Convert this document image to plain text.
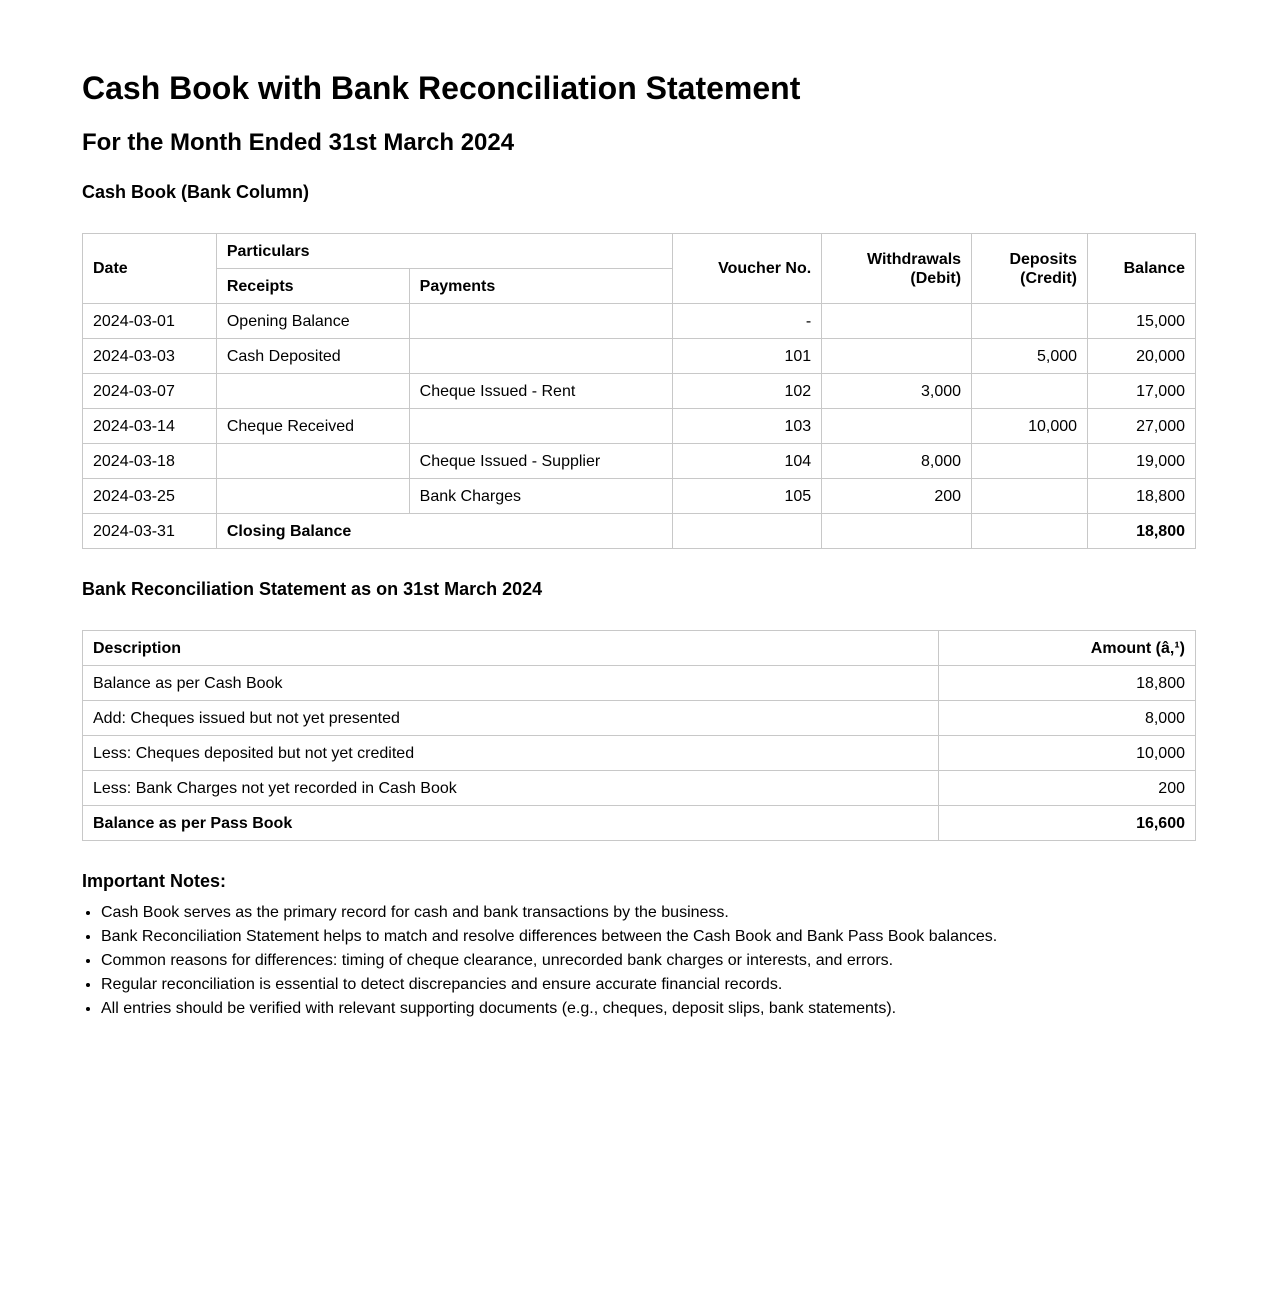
Cash Book with Bank Reconciliation Statement
For the Month Ended 31st March 2024
Cash Book (Bank Column)
Date	Particulars		Voucher No.	Withdrawals (Debit)	Deposits (Credit)	Balance
	Receipts	Payments				
2024-03-01	Opening Balance		-			15,000
2024-03-03	Cash Deposited		101		5,000	20,000
2024-03-07		Cheque Issued - Rent	102	3,000		17,000
2024-03-14	Cheque Received		103		10,000	27,000
2024-03-18		Cheque Issued - Supplier	104	8,000		19,000
2024-03-25		Bank Charges	105	200		18,800
2024-03-31	Closing Balance					18,800
Bank Reconciliation Statement as on 31st March 2024
Description	Amount (â‚¹)
Balance as per Cash Book	18,800
Add: Cheques issued but not yet presented	8,000
Less: Cheques deposited but not yet credited	10,000
Less: Bank Charges not yet recorded in Cash Book	200
Balance as per Pass Book	16,600
Important Notes:
• Cash Book serves as the primary record for cash and bank transactions by the business.
• Bank Reconciliation Statement helps to match and resolve differences between the Cash Book and Bank Pass Book balances.
• Common reasons for differences: timing of cheque clearance, unrecorded bank charges or interests, and errors.
• Regular reconciliation is essential to detect discrepancies and ensure accurate financial records.
• All entries should be verified with relevant supporting documents (e.g., cheques, deposit slips, bank statements).
